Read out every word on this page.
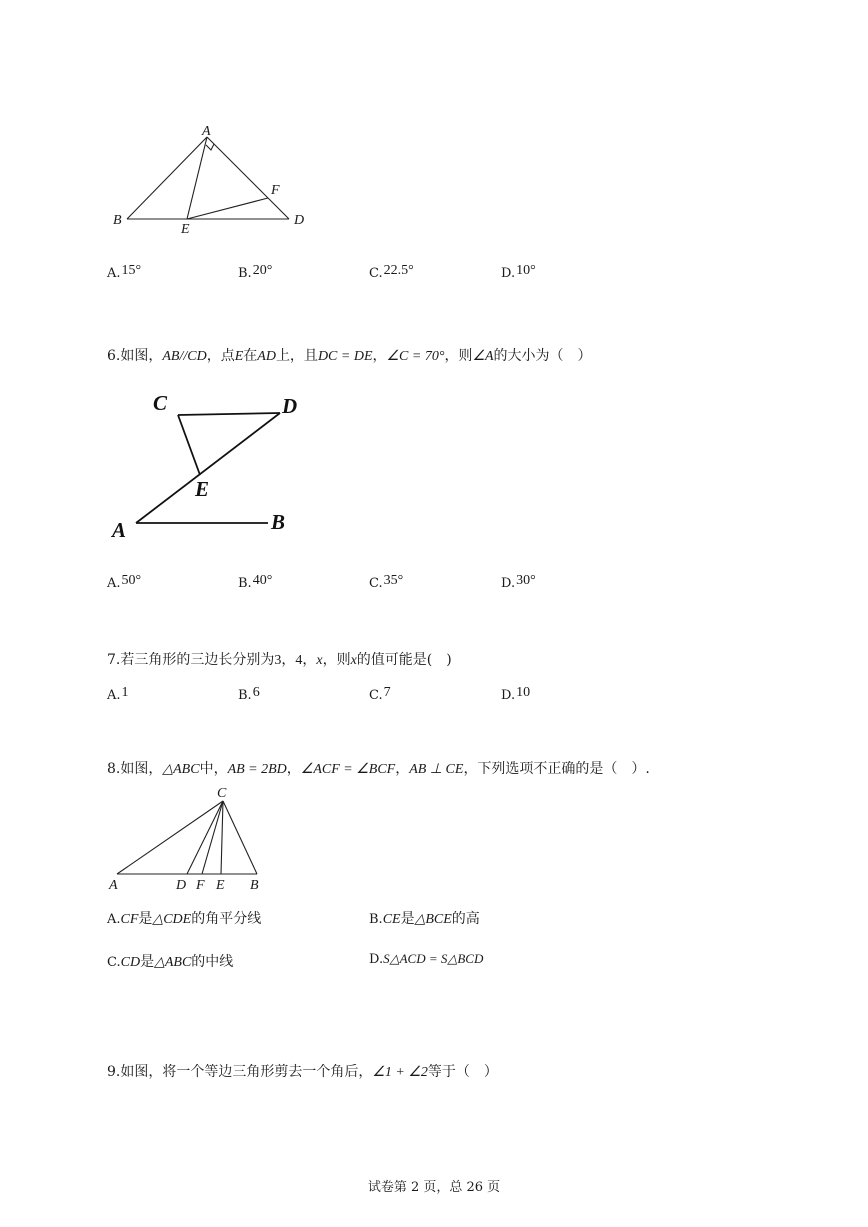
A
B	D
E
F
A.15°	B.20°	C.22.5°	D.10°
6.如图，AB//CD，点E在AD上，且DC = DE，∠C = 70°，则∠A的大小为（　）
C	D
E
A	B
A.50°	B.40°	C.35°	D.30°
7.若三角形的三边长分别为3，4，x，则x的值可能是(　)
A.1	B.6	C.7	D.10
8.如图，△ABC中，AB = 2BD，∠ACF = ∠BCF，AB ⊥ CE，下列选项不正确的是（　）.
C
A	D F E B
A.CF是△CDE的角平分线	B.CE是△BCE的高
C.CD是△ABC的中线	D.S△ACD = S△BCD
9.如图，将一个等边三角形剪去一个角后，∠1 + ∠2等于（　）
试卷第 2 页，总 26 页
